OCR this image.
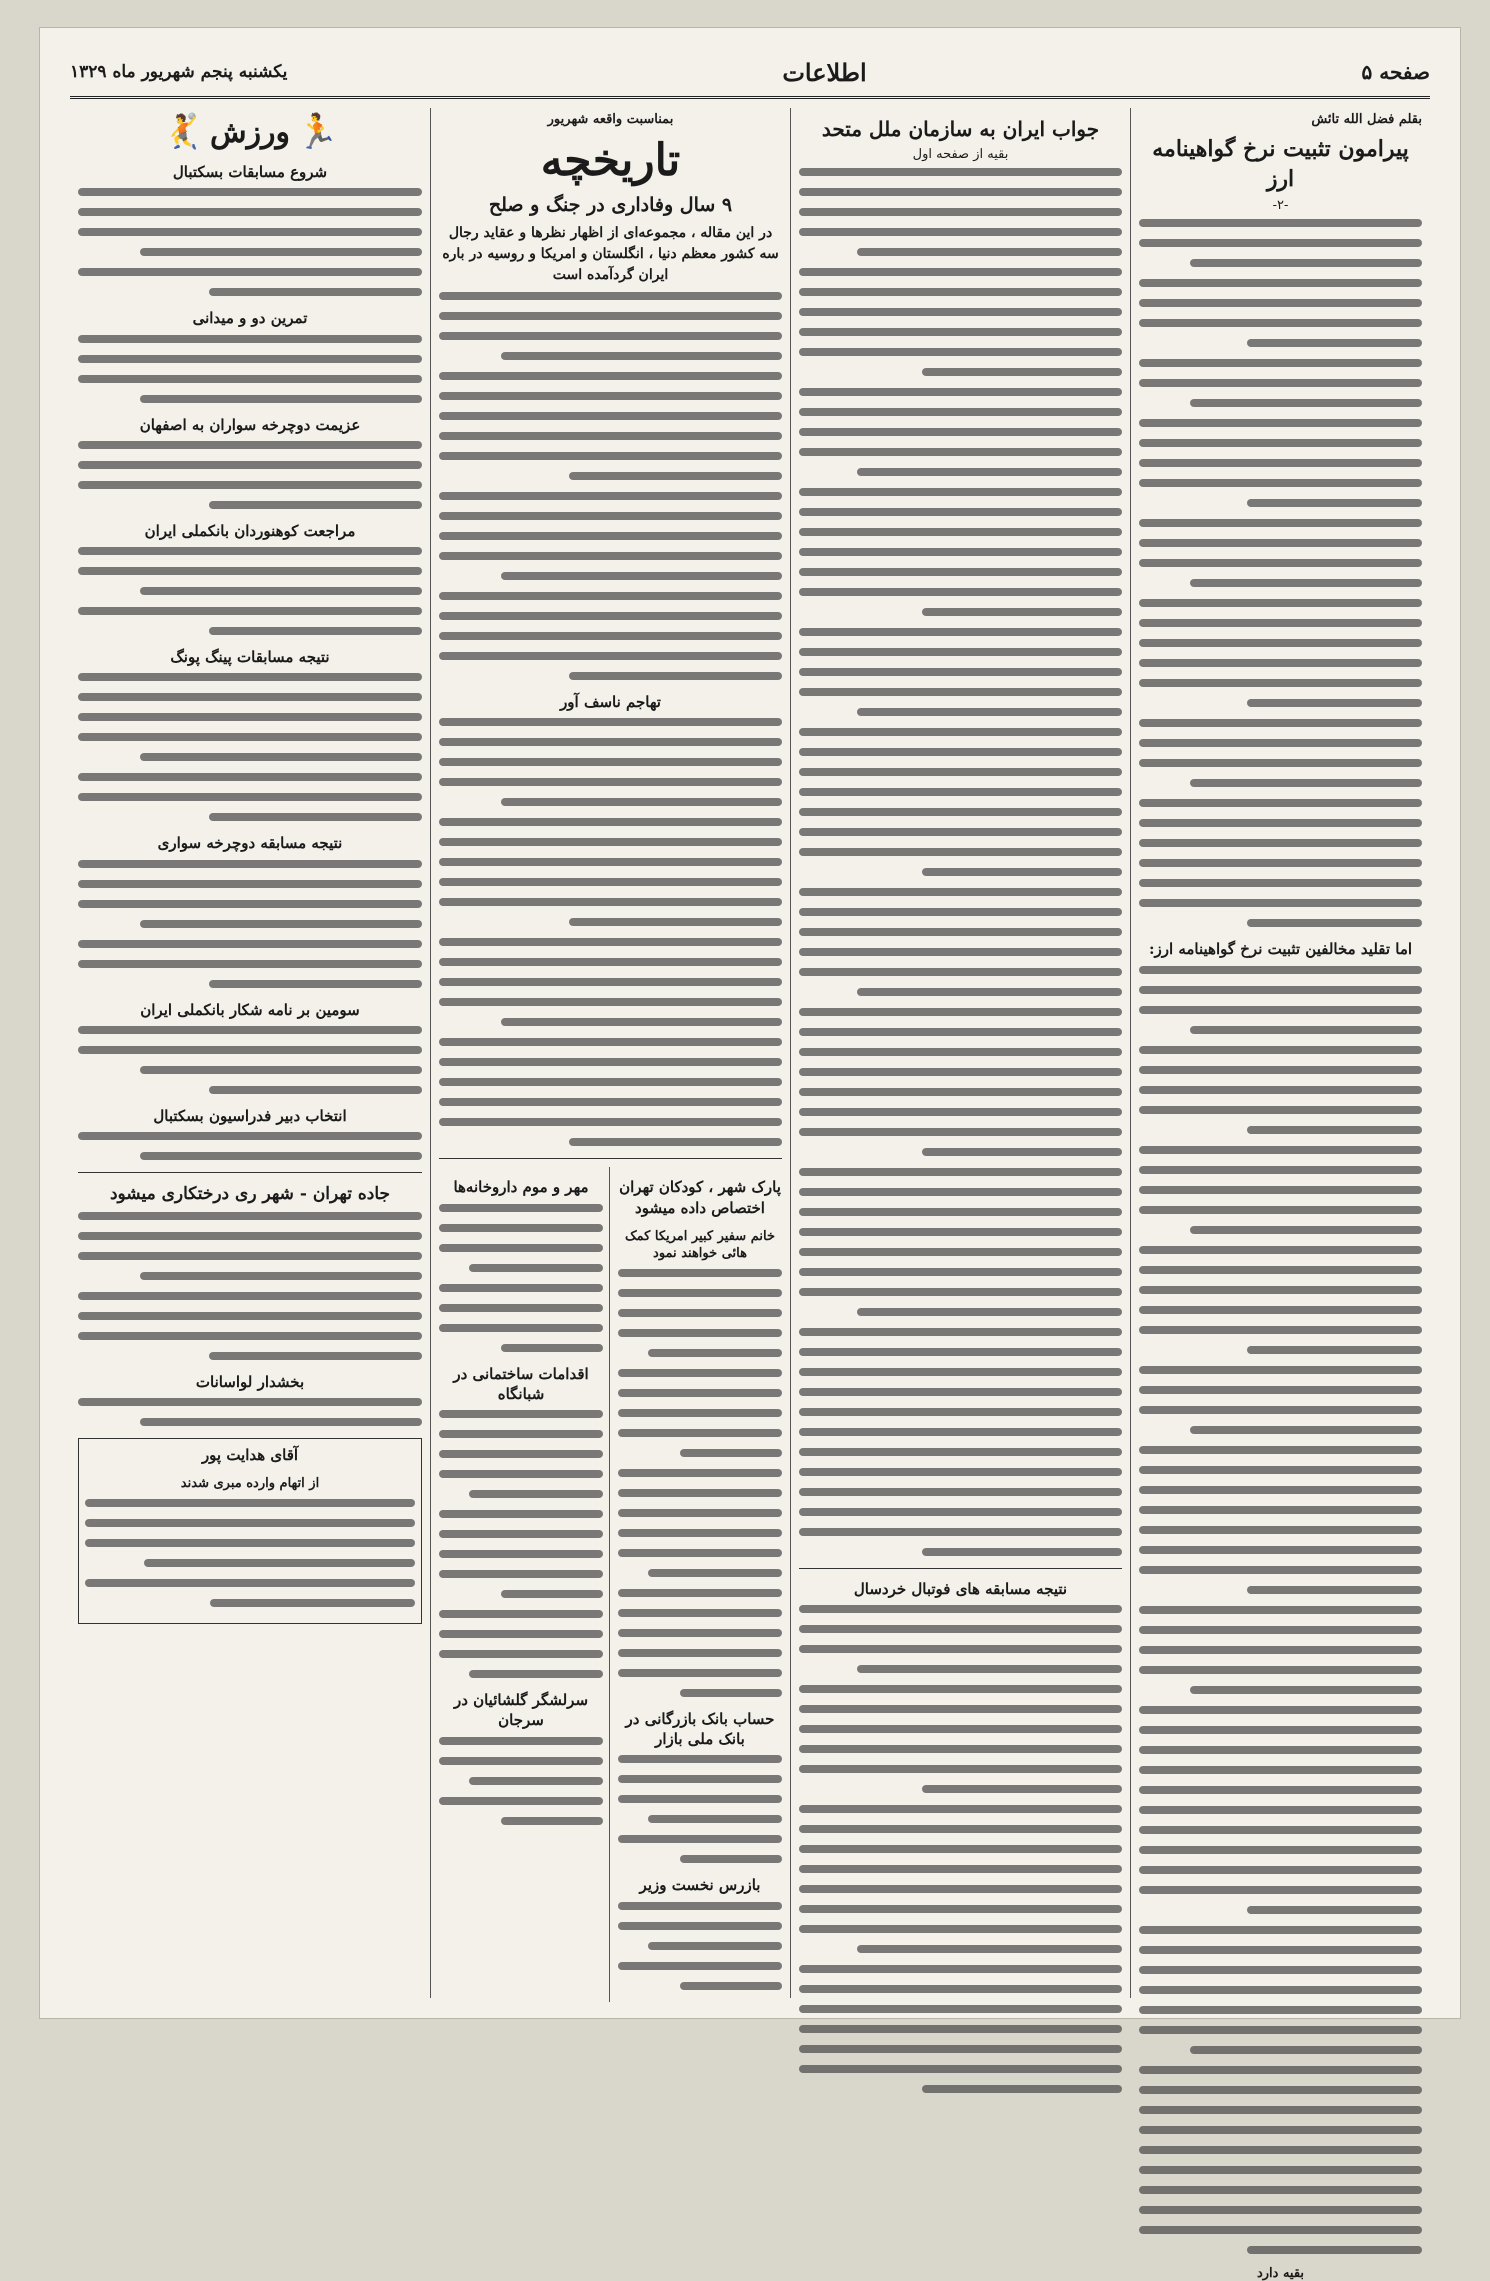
صفحه ۵
اطلاعات
یکشنبه پنجم شهریور ماه ۱۳۲۹
بقلم فضل الله تائش
پیرامون تثبیت نرخ گواهینامه ارز
-۲-
اما تقلید مخالفین تثبیت نرخ گواهینامه ارز:
بقیه دارد
جواب ایران به سازمان ملل متحد
بقیه از صفحه اول
نتیجه مسابقه های فوتبال خردسال
بمناسبت واقعه شهریور
تاریخچه
۹ سال وفاداری در جنگ و صلح
در این مقاله ، مجموعه‌ای از اظهار نظرها و عقاید رجال سه کشور معظم دنیا ، انگلستان و امریکا و روسیه در باره ایران گردآمده است
تهاجم ناسف آور
پارک شهر ، کودکان تهران اختصاص داده میشود
خانم سفیر کبیر امریکا کمک هائی خواهند نمود
حساب بانک بازرگانی در بانک ملی بازار
بازرس نخست وزیر
مهر و موم داروخانه‌ها
اقدامات ساختمانی در شبانگاه
سرلشگر گلشائیان در سرجان
🏃
ورزش
🤾
شروع مسابقات بسکتبال
تمرین دو و میدانی
عزیمت دوچرخه سواران به اصفهان
مراجعت کوهنوردان بانکملی ایران
نتیجه مسابقات پینگ پونگ
نتیجه مسابقه دوچرخه سواری
سومین بر نامه شکار بانکملی ایران
انتخاب دبیر فدراسیون بسکتبال
جاده تهران - شهر ری درختکاری میشود
بخشدار لواسانات
آقای هدایت پور
از اتهام وارده مبری شدند
